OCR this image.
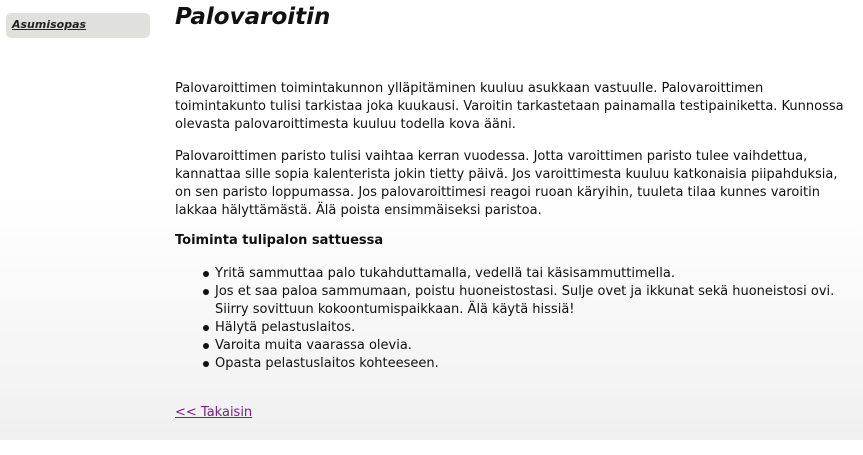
Asumisopas	Palovaroitin

Palovaroittimen toimintakunnon ylläpitäminen kuuluu asukkaan vastuulle. Palovaroittimen toimintakunto tulisi tarkistaa joka kuukausi. Varoitin tarkastetaan painamalla testipainiketta. Kunnossa olevasta palovaroittimesta kuuluu todella kova ääni.

Palovaroittimen paristo tulisi vaihtaa kerran vuodessa. Jotta varoittimen paristo tulee vaihdettua, kannattaa sille sopia kalenterista jokin tietty päivä. Jos varoittimesta kuuluu katkonaisia piipahduksia, on sen paristo loppumassa. Jos palovaroittimesi reagoi ruoan käryihin, tuuleta tilaa kunnes varoitin lakkaa hälyttämästä. Älä poista ensimmäiseksi paristoa.

Toiminta tulipalon sattuessa

Yritä sammuttaa palo tukahduttamalla, vedellä tai käsisammuttimella.
Jos et saa paloa sammumaan, poistu huoneistostasi. Sulje ovet ja ikkunat sekä huoneistosi ovi. Siirry sovittuun kokoontumispaikkaan. Älä käytä hissiä!
Hälytä pelastuslaitos.
Varoita muita vaarassa olevia.
Opasta pelastuslaitos kohteeseen.
<< Takaisin
